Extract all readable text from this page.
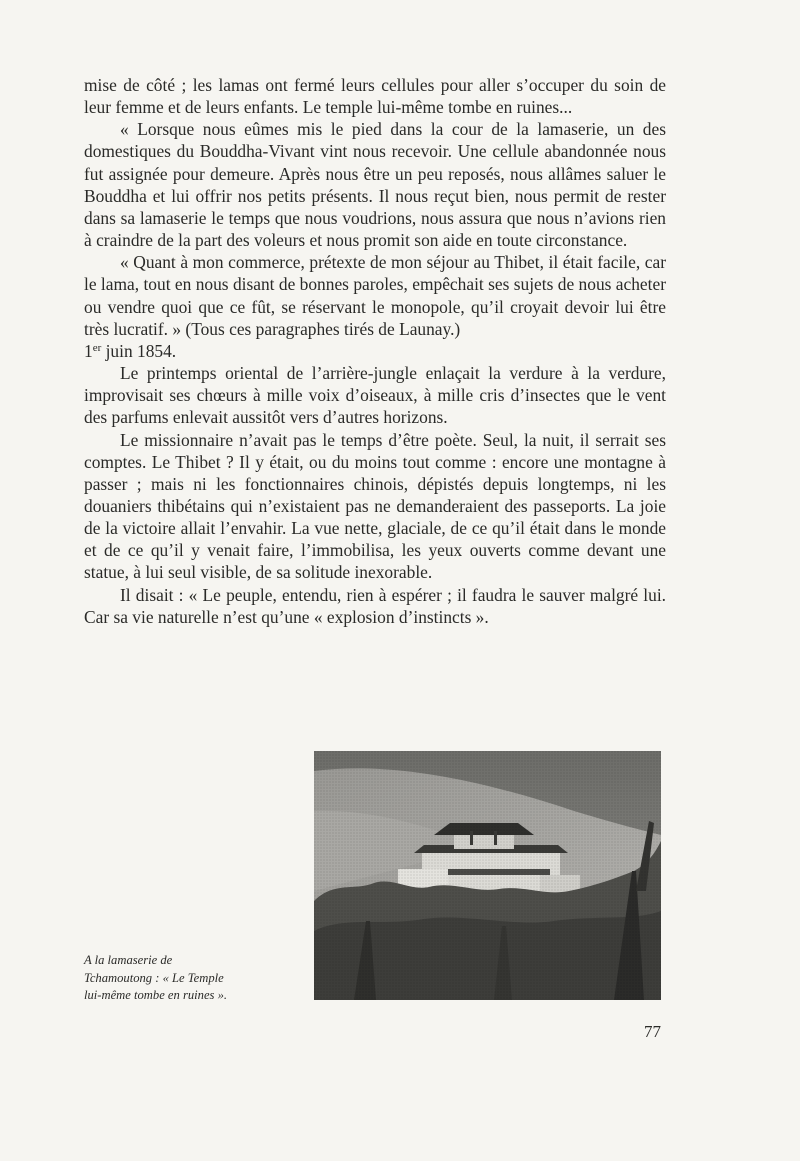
mise de côté ; les lamas ont fermé leurs cellules pour aller s’occuper du soin de leur femme et de leurs enfants. Le temple lui-même tombe en ruines...

« Lorsque nous eûmes mis le pied dans la cour de la lamaserie, un des domestiques du Bouddha-Vivant vint nous recevoir. Une cellule abandonnée nous fut assignée pour demeure. Après nous être un peu reposés, nous allâmes saluer le Bouddha et lui offrir nos petits présents. Il nous reçut bien, nous permit de rester dans sa lamaserie le temps que nous voudrions, nous assura que nous n’avions rien à craindre de la part des voleurs et nous promit son aide en toute circonstance.

« Quant à mon commerce, prétexte de mon séjour au Thibet, il était facile, car le lama, tout en nous disant de bonnes paroles, empêchait ses sujets de nous acheter ou vendre quoi que ce fût, se réservant le monopole, qu’il croyait devoir lui être très lucratif. » (Tous ces paragraphes tirés de Launay.)

1er juin 1854.

Le printemps oriental de l’arrière-jungle enlaçait la verdure à la verdure, improvisait ses chœurs à mille voix d’oiseaux, à mille cris d’insectes que le vent des parfums enlevait aussitôt vers d’autres horizons.

Le missionnaire n’avait pas le temps d’être poète. Seul, la nuit, il serrait ses comptes. Le Thibet ? Il y était, ou du moins tout comme : encore une montagne à passer ; mais ni les fonctionnaires chinois, dépistés depuis longtemps, ni les douaniers thibétains qui n’existaient pas ne demanderaient des passeports. La joie de la victoire allait l’envahir. La vue nette, glaciale, de ce qu’il était dans le monde et de ce qu’il y venait faire, l’immobilisa, les yeux ouverts comme devant une statue, à lui seul visible, de sa solitude inexorable.

Il disait : « Le peuple, entendu, rien à espérer ; il faudra le sauver malgré lui. Car sa vie naturelle n’est qu’une « explosion d’instincts ».

A la lamaserie de

Tchamoutong : « Le Temple

lui-même tombe en ruines ».

77
